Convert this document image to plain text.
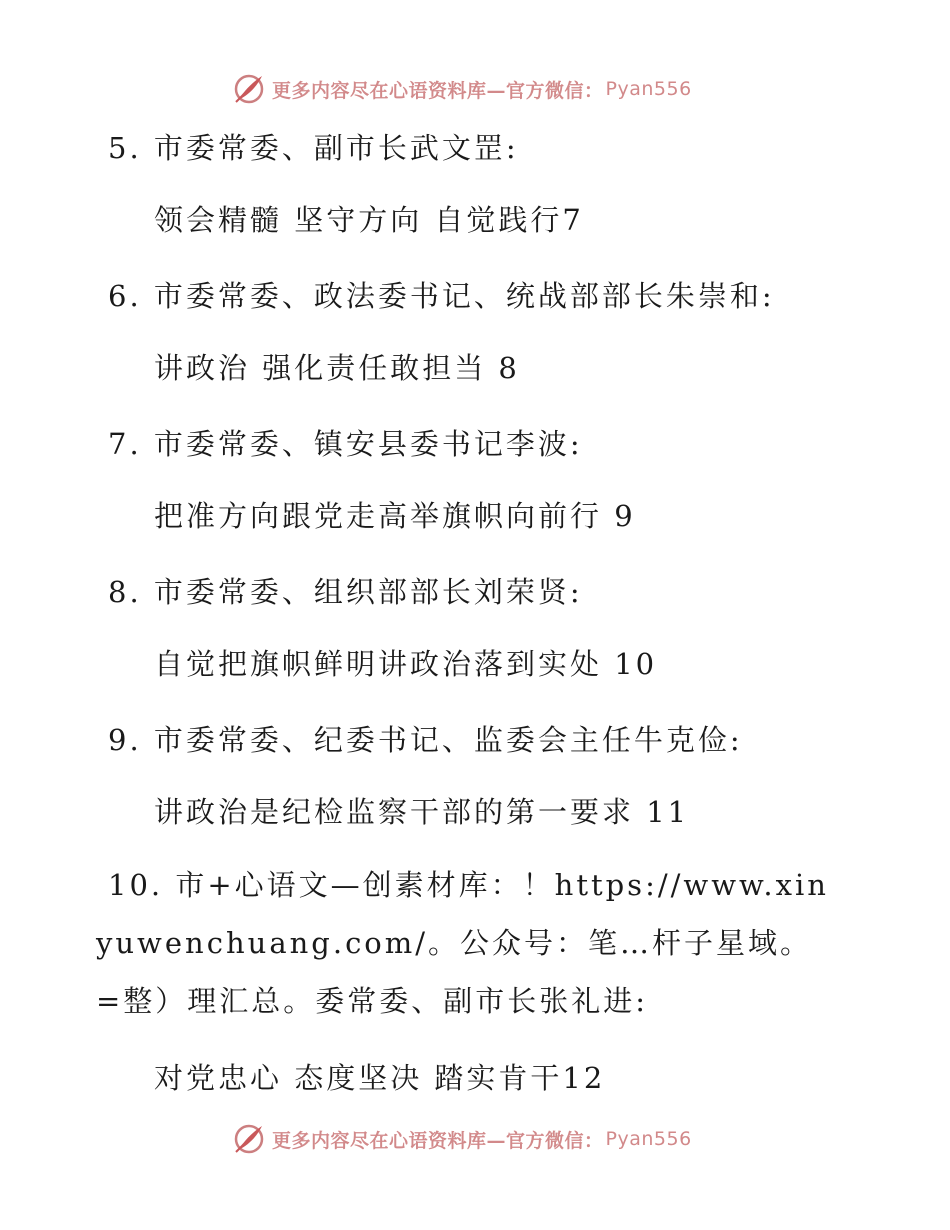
更多内容尽在心语资料库—官方微信： Pyan556
5. 市委常委、副市长武文罡:
领会精髓 坚守方向 自觉践行7
6. 市委常委、政法委书记、统战部部长朱崇和:
讲政治 强化责任敢担当 8
7. 市委常委、镇安县委书记李波:
把准方向跟党走高举旗帜向前行 9
8. 市委常委、组织部部长刘荣贤:
自觉把旗帜鲜明讲政治落到实处 10
9. 市委常委、纪委书记、监委会主任牛克俭:
讲政治是纪检监察干部的第一要求 11
10. 市+心语文—创素材库：！https://www.xinyuwenchuang.com/。公众号：笔…杆子星域。=整）理汇总。委常委、副市长张礼进:
对党忠心 态度坚决 踏实肯干12
更多内容尽在心语资料库—官方微信： Pyan556
